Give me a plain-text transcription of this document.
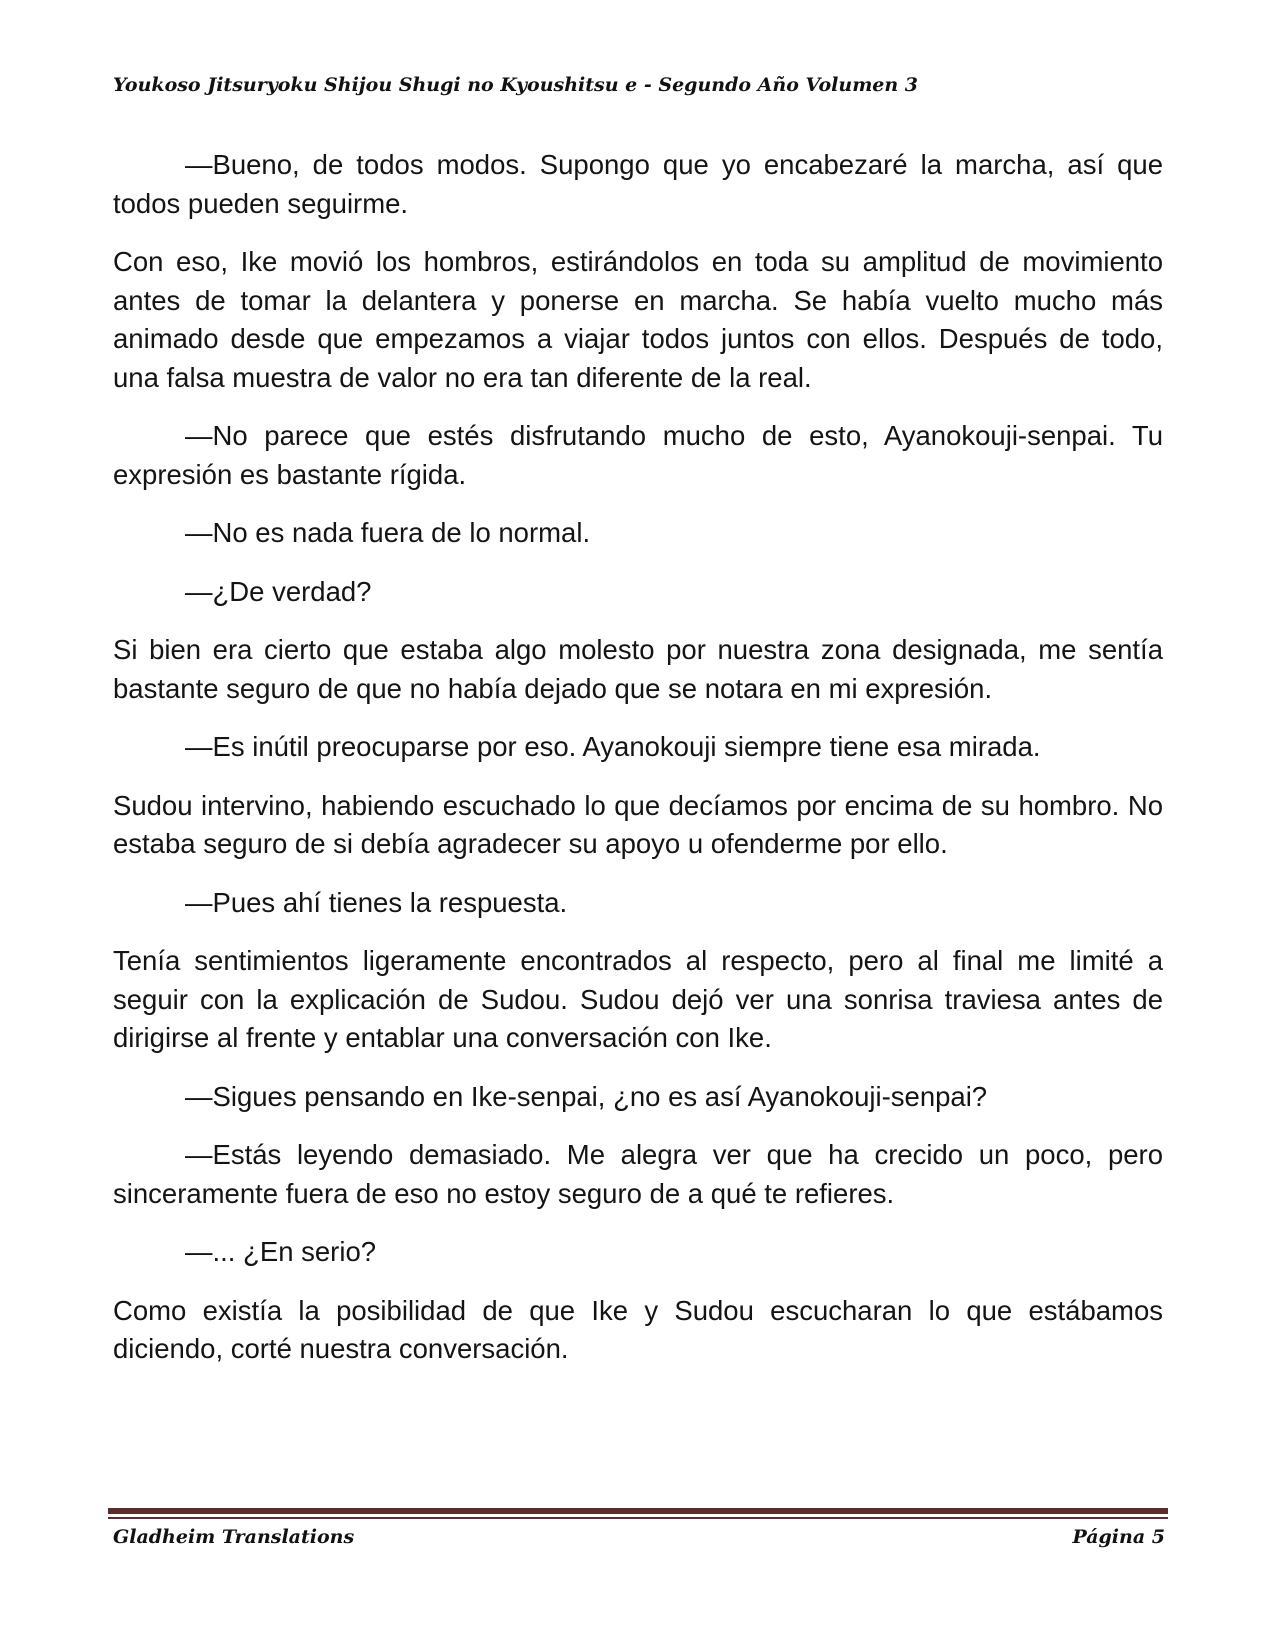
Youkoso Jitsuryoku Shijou Shugi no Kyoushitsu e - Segundo Año Volumen 3

—Bueno, de todos modos. Supongo que yo encabezaré la marcha, así que todos pueden seguirme.

Con eso, Ike movió los hombros, estirándolos en toda su amplitud de movimiento antes de tomar la delantera y ponerse en marcha. Se había vuelto mucho más animado desde que empezamos a viajar todos juntos con ellos. Después de todo, una falsa muestra de valor no era tan diferente de la real.

—No parece que estés disfrutando mucho de esto, Ayanokouji-senpai. Tu expresión es bastante rígida.

—No es nada fuera de lo normal.

—¿De verdad?

Si bien era cierto que estaba algo molesto por nuestra zona designada, me sentía bastante seguro de que no había dejado que se notara en mi expresión.

—Es inútil preocuparse por eso. Ayanokouji siempre tiene esa mirada.

Sudou intervino, habiendo escuchado lo que decíamos por encima de su hombro. No estaba seguro de si debía agradecer su apoyo u ofenderme por ello.

—Pues ahí tienes la respuesta.

Tenía sentimientos ligeramente encontrados al respecto, pero al final me limité a seguir con la explicación de Sudou. Sudou dejó ver una sonrisa traviesa antes de dirigirse al frente y entablar una conversación con Ike.

—Sigues pensando en Ike-senpai, ¿no es así Ayanokouji-senpai?

—Estás leyendo demasiado. Me alegra ver que ha crecido un poco, pero sinceramente fuera de eso no estoy seguro de a qué te refieres.

—... ¿En serio?

Como existía la posibilidad de que Ike y Sudou escucharan lo que estábamos diciendo, corté nuestra conversación.

Gladheim Translations	Página 5
